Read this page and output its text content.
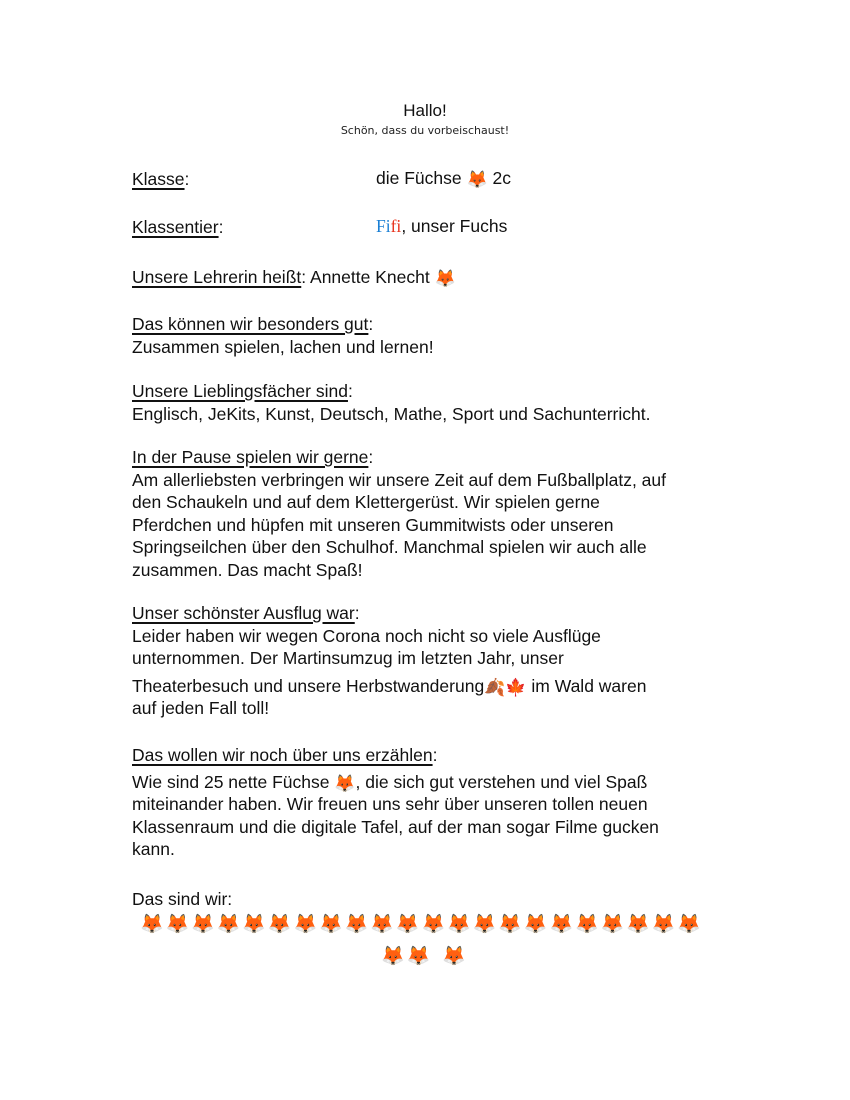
Hallo!
Schön, dass du vorbeischaust!
Klasse:	die Füchse 🦊 2c
Klassentier:	Fifi, unser Fuchs
Unsere Lehrerin heißt: Annette Knecht 🦊
Das können wir besonders gut:
Zusammen spielen, lachen und lernen!
Unsere Lieblingsfächer sind:
Englisch, JeKits, Kunst, Deutsch, Mathe, Sport und Sachunterricht.
In der Pause spielen wir gerne:
Am allerliebsten verbringen wir unsere Zeit auf dem Fußballplatz, auf
den Schaukeln und auf dem Klettergerüst. Wir spielen gerne
Pferdchen und hüpfen mit unseren Gummitwists oder unseren
Springseilchen über den Schulhof. Manchmal spielen wir auch alle
zusammen. Das macht Spaß!
Unser schönster Ausflug war:
Leider haben wir wegen Corona noch nicht so viele Ausflüge
unternommen. Der Martinsumzug im letzten Jahr, unser
Theaterbesuch und unsere Herbstwanderung🍂🍁 im Wald waren
auf jeden Fall toll!
Das wollen wir noch über uns erzählen:
Wie sind 25 nette Füchse 🦊, die sich gut verstehen und viel Spaß
miteinander haben. Wir freuen uns sehr über unseren tollen neuen
Klassenraum und die digitale Tafel, auf der man sogar Filme gucken
kann.
Das sind wir:
🦊 🦊 🦊 🦊 🦊 🦊 🦊 🦊 🦊 🦊 🦊 🦊 🦊 🦊 🦊 🦊 🦊 🦊 🦊 🦊 🦊 🦊
🦊 🦊 🦊
